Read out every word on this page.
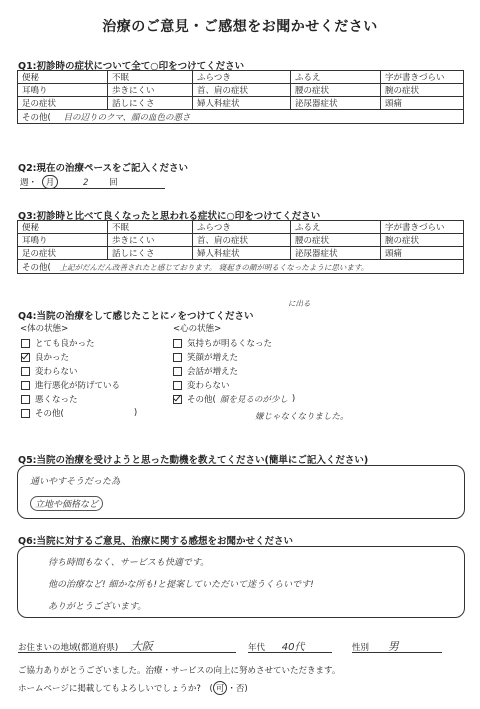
治療のご意見・ご感想をお聞かせください
Q1:初診時の症状について全て○印をつけてください
便秘	不眠	ふらつき	ふるえ	字が書きづらい
耳鳴り	歩きにくい	首、肩の症状	腰の症状	腕の症状
足の症状	話しにくさ	婦人科症状	泌尿器症状	頭痛
その他( 目の辺りのクマ、顔の血色の悪さ				
Q2:現在の治療ペースをご記入ください
週・ 月	2 回
Q3:初診時と比べて良くなったと思われる症状に○印をつけてください
便秘	不眠	ふらつき	ふるえ	字が書きづらい
耳鳴り	歩きにくい	首、肩の症状	腰の症状	腕の症状
足の症状	話しにくさ	婦人科症状	泌尿器症状	頭痛
その他( 上記がだんだん改善されたと感じております。 寝起きの顔が明るくなったように思います。				
に出る
Q4:当院の治療をして感じたことに✓をつけてください
<体の状態>	<心の状態>
とても良かった
良かった
変わらない
進行悪化が防げている
悪くなった
その他(	)
気持ちが明るくなった
笑顔が増えた
会話が増えた
変わらない
その他( 顔を見るのが少し )
嫌じゃなくなりました。
Q5:当院の治療を受けようと思った動機を教えてください(簡単にご記入ください)
通いやすそうだった為
立地や価格など
Q6:当院に対するご意見、治療に関する感想をお聞かせください
待ち時間もなく、サービスも快適です。
他の治療など! 細かな所も!と提案していただいて迷うくらいです!
ありがとうございます。
お住まいの地域(都道府県) 大阪	年代 40代	性別 男
ご協力ありがとうございました。治療・サービスの向上に努めさせていただきます。
ホームページに掲載してもよろしいでしょうか? ( 可 ・否)
